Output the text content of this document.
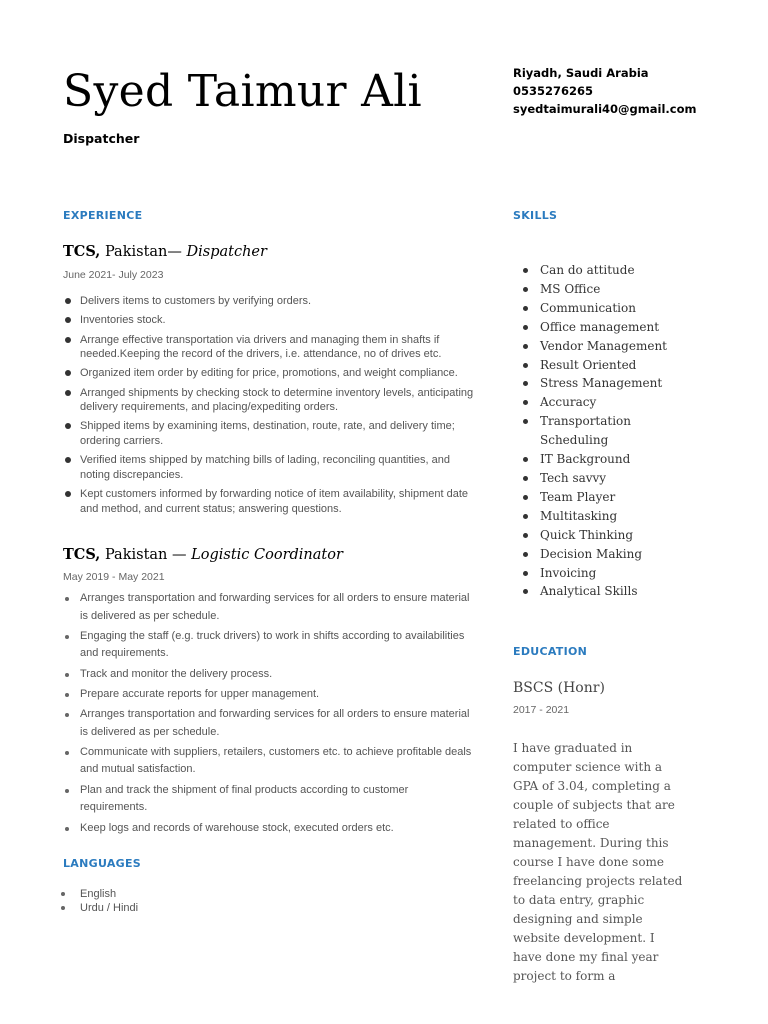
Syed Taimur Ali
Dispatcher
Riyadh, Saudi Arabia
0535276265
syedtaimurali40@gmail.com
EXPERIENCE
TCS, Pakistan— Dispatcher
June 2021- July 2023
Delivers items to customers by verifying orders.
Inventories stock.
Arrange effective transportation via drivers and managing them in shafts if needed.Keeping the record of the drivers, i.e. attendance, no of drives etc.
Organized item order by editing for price, promotions, and weight compliance.
Arranged shipments by checking stock to determine inventory levels, anticipating delivery requirements, and placing/expediting orders.
Shipped items by examining items, destination, route, rate, and delivery time; ordering carriers.
Verified items shipped by matching bills of lading, reconciling quantities, and noting discrepancies.
Kept customers informed by forwarding notice of item availability, shipment date and method, and current status; answering questions.
TCS, Pakistan — Logistic Coordinator
May 2019 - May 2021
Arranges transportation and forwarding services for all orders to ensure material is delivered as per schedule.
Engaging the staff (e.g. truck drivers) to work in shifts according to availabilities and requirements.
Track and monitor the delivery process.
Prepare accurate reports for upper management.
Arranges transportation and forwarding services for all orders to ensure material is delivered as per schedule.
Communicate with suppliers, retailers, customers etc. to achieve profitable deals and mutual satisfaction.
Plan and track the shipment of final products according to customer requirements.
Keep logs and records of warehouse stock, executed orders etc.
LANGUAGES
English
Urdu / Hindi
SKILLS
Can do attitude
MS Office
Communication
Office management
Vendor Management
Result Oriented
Stress Management
Accuracy
Transportation Scheduling
IT Background
Tech savvy
Team Player
Multitasking
Quick Thinking
Decision Making
Invoicing
Analytical Skills
EDUCATION
BSCS (Honr)
2017 - 2021
I have graduated in computer science with a GPA of 3.04, completing a couple of subjects that are related to office management. During this course I have done some freelancing projects related to data entry, graphic designing and simple website development. I have done my final year project to form a
